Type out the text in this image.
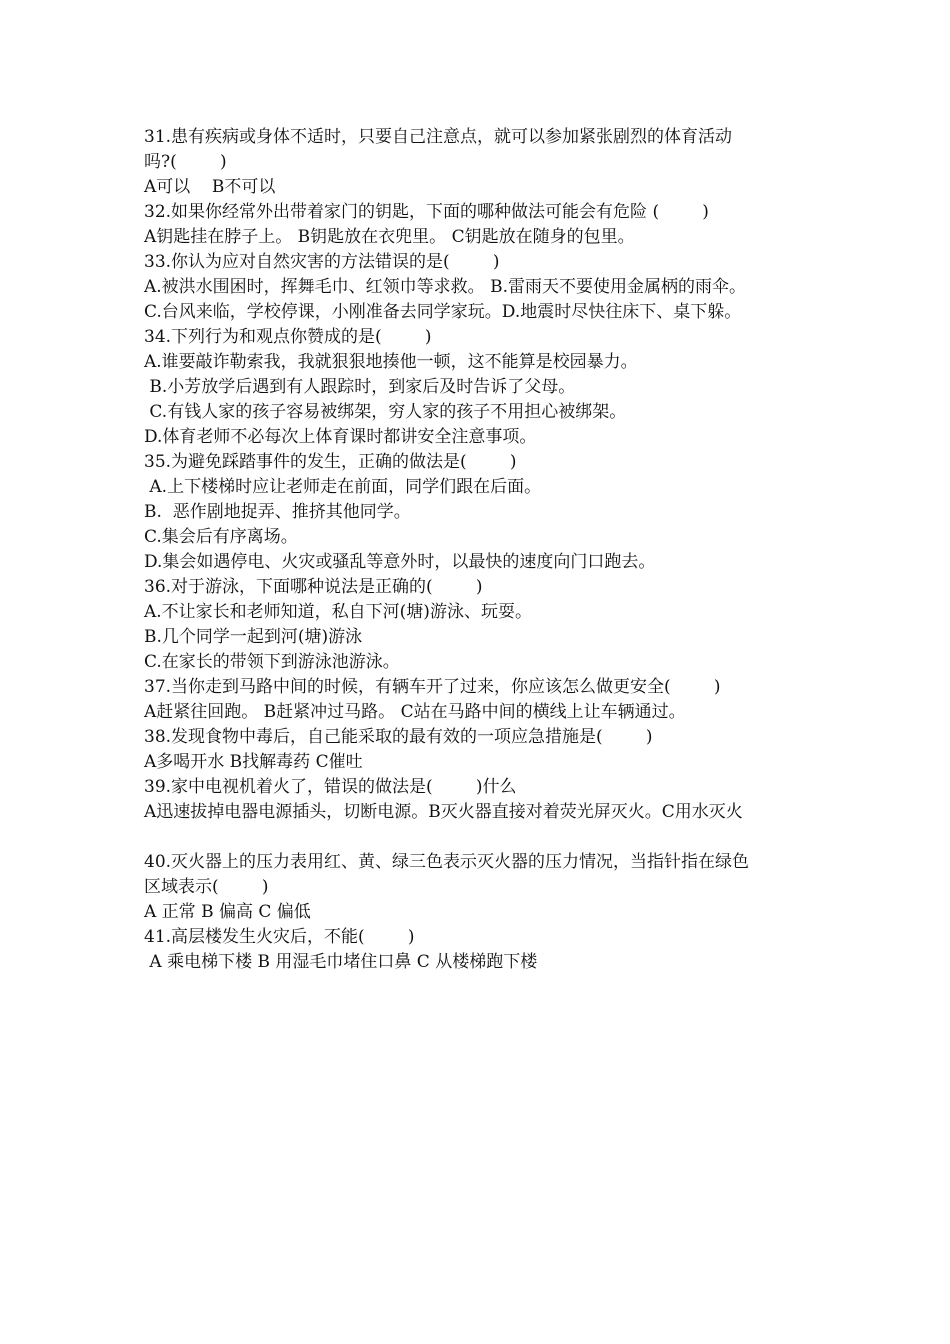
31.患有疾病或身体不适时，只要自己注意点，就可以参加紧张剧烈的体育活动
吗?(        )
A可以    B不可以
32.如果你经常外出带着家门的钥匙，下面的哪种做法可能会有危险 (        )
A钥匙挂在脖子上。 B钥匙放在衣兜里。 C钥匙放在随身的包里。
33.你认为应对自然灾害的方法错误的是(        )
A.被洪水围困时，挥舞毛巾、红领巾等求救。 B.雷雨天不要使用金属柄的雨伞。
C.台风来临，学校停课，小刚准备去同学家玩。D.地震时尽快往床下、桌下躲。
34.下列行为和观点你赞成的是(        )
A.谁要敲诈勒索我，我就狠狠地揍他一顿，这不能算是校园暴力。
B.小芳放学后遇到有人跟踪时，到家后及时告诉了父母。
C.有钱人家的孩子容易被绑架，穷人家的孩子不用担心被绑架。
D.体育老师不必每次上体育课时都讲安全注意事项。
35.为避免踩踏事件的发生，正确的做法是(        )
A.上下楼梯时应让老师走在前面，同学们跟在后面。
B.  恶作剧地捉弄、推挤其他同学。
C.集会后有序离场。
D.集会如遇停电、火灾或骚乱等意外时，以最快的速度向门口跑去。
36.对于游泳，下面哪种说法是正确的(        )
A.不让家长和老师知道，私自下河(塘)游泳、玩耍。
B.几个同学一起到河(塘)游泳
C.在家长的带领下到游泳池游泳。
37.当你走到马路中间的时候，有辆车开了过来，你应该怎么做更安全(        )
A赶紧往回跑。 B赶紧冲过马路。 C站在马路中间的横线上让车辆通过。
38.发现食物中毒后，自己能采取的最有效的一项应急措施是(        )
A多喝开水 B找解毒药 C催吐
39.家中电视机着火了，错误的做法是(        )什么
A迅速拔掉电器电源插头，切断电源。B灭火器直接对着荧光屏灭火。C用水灭火
40.灭火器上的压力表用红、黄、绿三色表示灭火器的压力情况，当指针指在绿色
区域表示(        )
A 正常 B 偏高 C 偏低
41.高层楼发生火灾后，不能(        )
A 乘电梯下楼 B 用湿毛巾堵住口鼻 C 从楼梯跑下楼
